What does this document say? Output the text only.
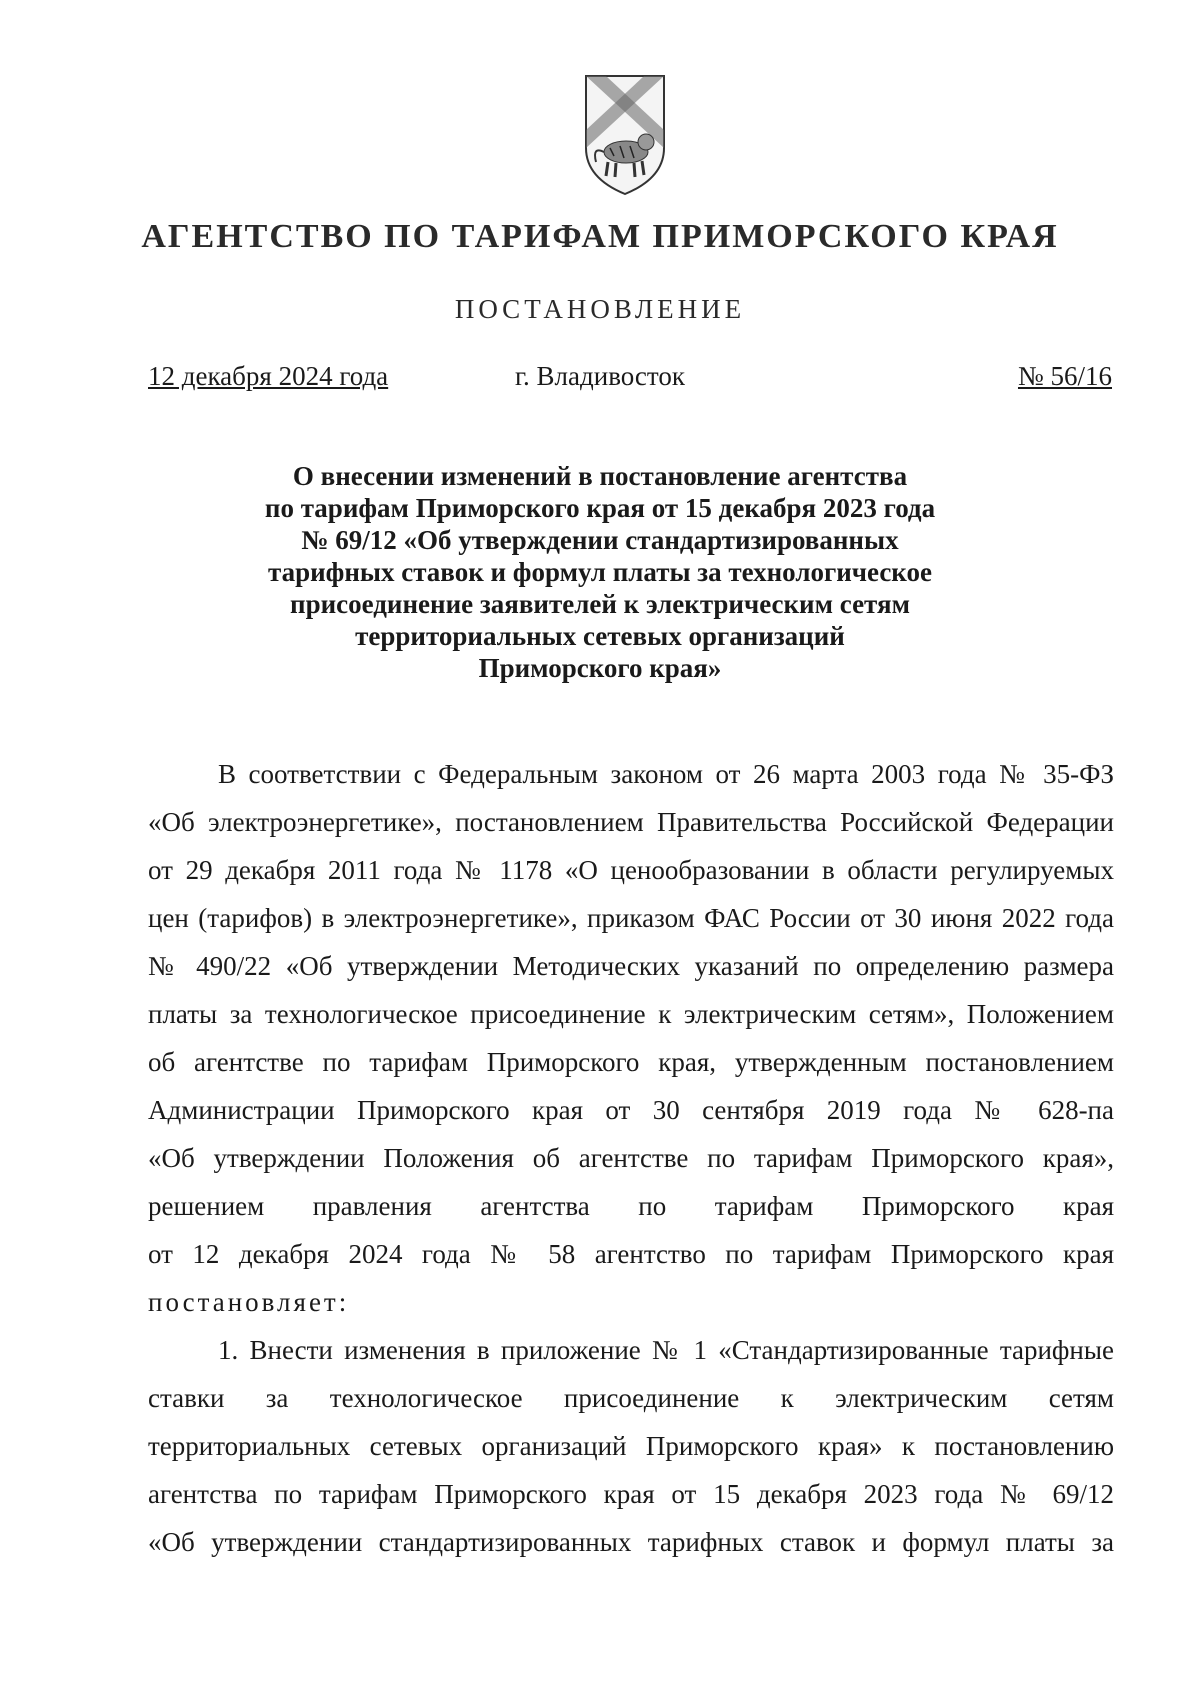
АГЕНТСТВО ПО ТАРИФАМ ПРИМОРСКОГО КРАЯ
ПОСТАНОВЛЕНИЕ
12 декабря 2024 года	г. Владивосток	№ 56/16
О внесении изменений в постановление агентства
по тарифам Приморского края от 15 декабря 2023 года
№ 69/12 «Об утверждении стандартизированных
тарифных ставок и формул платы за технологическое
присоединение заявителей к электрическим сетям
территориальных сетевых организаций
Приморского края»
В соответствии с Федеральным законом от 26 марта 2003 года № 35-ФЗ
«Об электроэнергетике», постановлением Правительства Российской Федерации
от 29 декабря 2011 года № 1178 «О ценообразовании в области регулируемых
цен (тарифов) в электроэнергетике», приказом ФАС России от 30 июня 2022 года
№ 490/22 «Об утверждении Методических указаний по определению размера
платы за технологическое присоединение к электрическим сетям», Положением
об агентстве по тарифам Приморского края, утвержденным постановлением
Администрации Приморского края от 30 сентября 2019 года № 628-па
«Об утверждении Положения об агентстве по тарифам Приморского края»,
решением правления агентства по тарифам Приморского края
от 12 декабря 2024 года № 58 агентство по тарифам Приморского края
постановляет:
1. Внести изменения в приложение № 1 «Стандартизированные тарифные
ставки за технологическое присоединение к электрическим сетям
территориальных сетевых организаций Приморского края» к постановлению
агентства по тарифам Приморского края от 15 декабря 2023 года № 69/12
«Об утверждении стандартизированных тарифных ставок и формул платы за
